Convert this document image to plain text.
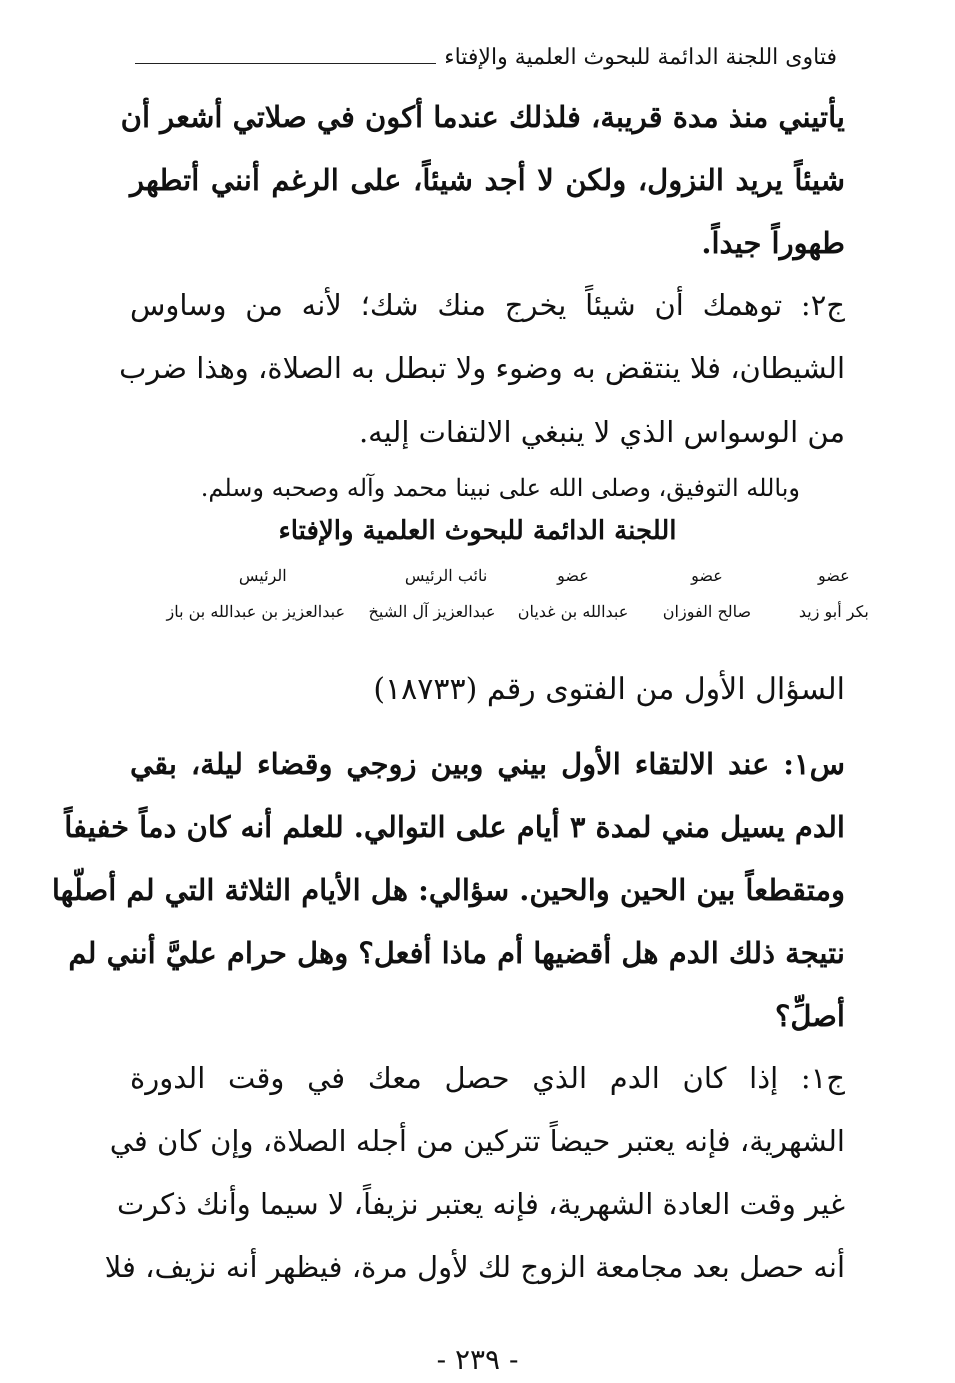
فتاوى اللجنة الدائمة للبحوث العلمية والإفتاء
يأتيني منذ مدة قريبة، فلذلك عندما أكون في صلاتي أشعر أن
شيئاً يريد النزول، ولكن لا أجد شيئاً، على الرغم أنني أتطهر
طهوراً جيداً.
ج٢: توهمك أن شيئاً يخرج منك شك؛ لأنه من وساوس
الشيطان، فلا ينتقض به وضوء ولا تبطل به الصلاة، وهذا ضرب
من الوسواس الذي لا ينبغي الالتفات إليه.
وبالله التوفيق، وصلى الله على نبينا محمد وآله وصحبه وسلم.
اللجنة الدائمة للبحوث العلمية والإفتاء
عضو
عضو
عضو
نائب الرئيس
الرئيس
بكر أبو زيد
صالح الفوزان
عبدالله بن غديان
عبدالعزيز آل الشيخ
عبدالعزيز بن عبدالله بن باز
السؤال الأول من الفتوى رقم (١٨٧٣٣)
س١: عند الالتقاء الأول بيني وبين زوجي وقضاء ليلة، بقي
الدم يسيل مني لمدة ٣ أيام على التوالي. للعلم أنه كان دماً خفيفاً
ومتقطعاً بين الحين والحين. سؤالي: هل الأيام الثلاثة التي لم أصلّها
نتيجة ذلك الدم هل أقضيها أم ماذا أفعل؟ وهل حرام عليَّ أنني لم
أصلِّ؟
ج١: إذا كان الدم الذي حصل معك في وقت الدورة
الشهرية، فإنه يعتبر حيضاً تتركين من أجله الصلاة، وإن كان في
غير وقت العادة الشهرية، فإنه يعتبر نزيفاً، لا سيما وأنك ذكرت
أنه حصل بعد مجامعة الزوج لك لأول مرة، فيظهر أنه نزيف، فلا
- ٢٣٩ -
